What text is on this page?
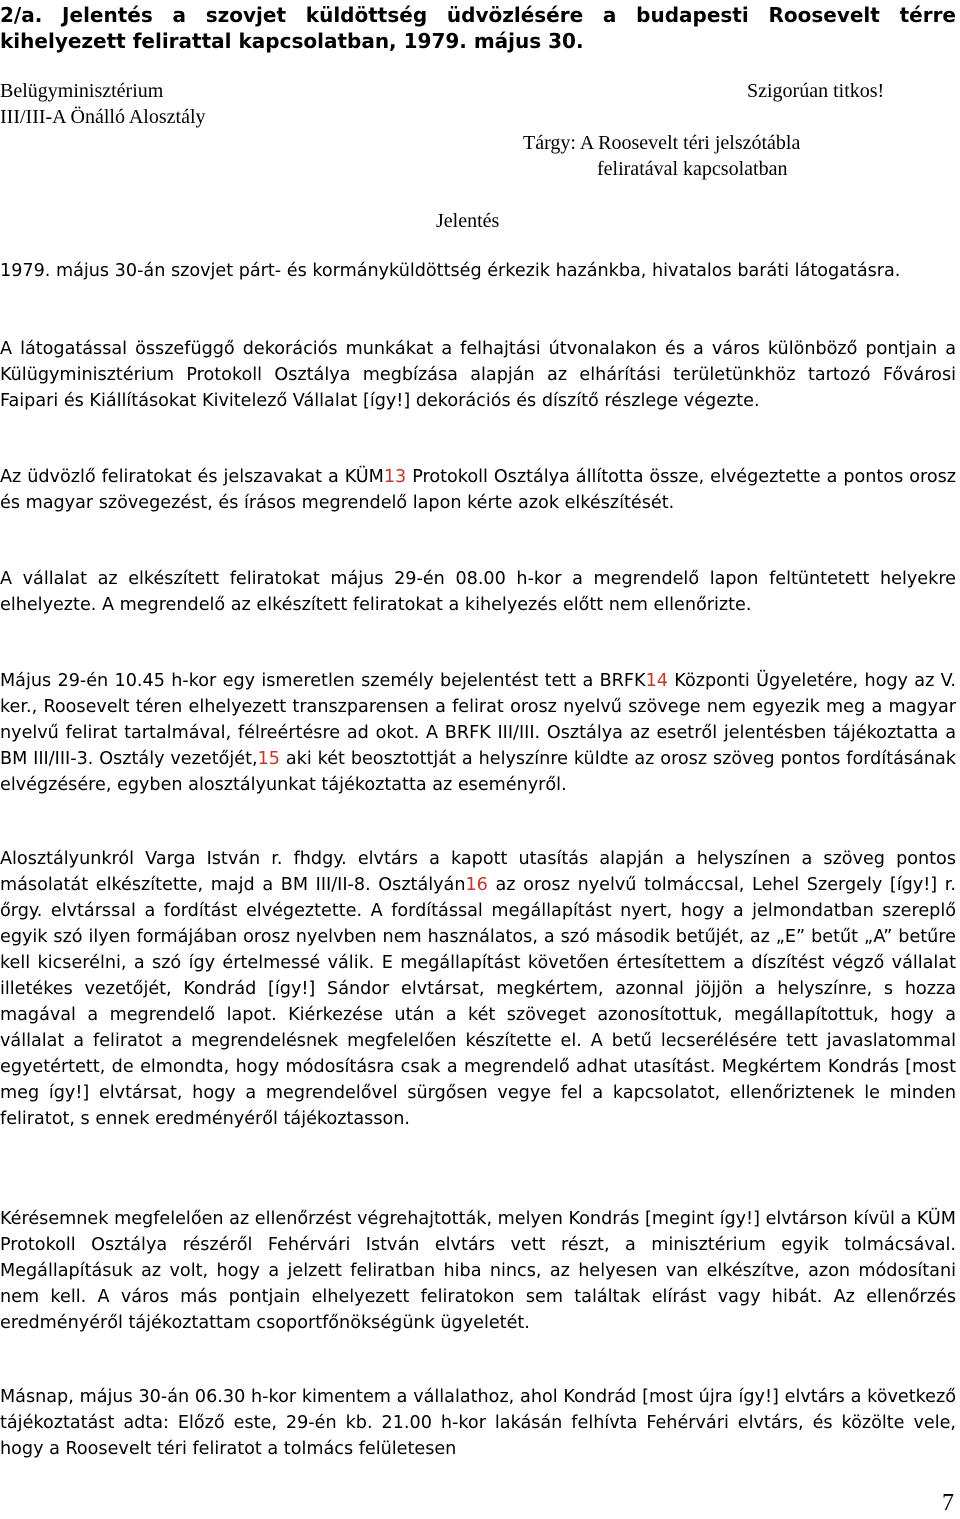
2/a. Jelentés a szovjet küldöttség üdvözlésére a budapesti Roosevelt térre kihelyezett felirattal kapcsolatban, 1979. május 30.

Belügyminisztérium

III/III-A Önálló Alosztály

Szigorúan titkos!

Tárgy: A Roosevelt téri jelszótábla

feliratával kapcsolatban

Jelentés

1979. május 30-án szovjet párt- és kormányküldöttség érkezik hazánkba, hivatalos baráti látogatásra.

A látogatással összefüggő dekorációs munkákat a felhajtási útvonalakon és a város különböző pontjain a Külügyminisztérium Protokoll Osztálya megbízása alapján az elhárítási területünkhöz tartozó Fővárosi Faipari és Kiállításokat Kivitelező Vállalat [így!] dekorációs és díszítő részlege végezte.

Az üdvözlő feliratokat és jelszavakat a KÜM13 Protokoll Osztálya állította össze, elvégeztette a pontos orosz és magyar szövegezést, és írásos megrendelő lapon kérte azok elkészítését.

A vállalat az elkészített feliratokat május 29-én 08.00 h-kor a megrendelő lapon feltüntetett helyekre elhelyezte. A megrendelő az elkészített feliratokat a kihelyezés előtt nem ellenőrizte.

Május 29-én 10.45 h-kor egy ismeretlen személy bejelentést tett a BRFK14 Központi Ügyeletére, hogy az V. ker., Roosevelt téren elhelyezett transzparensen a felirat orosz nyelvű szövege nem egyezik meg a magyar nyelvű felirat tartalmával, félreértésre ad okot. A BRFK III/III. Osztálya az esetről jelentésben tájékoztatta a BM III/III-3. Osztály vezetőjét,15 aki két beosztottját a helyszínre küldte az orosz szöveg pontos fordításának elvégzésére, egyben alosztályunkat tájékoztatta az eseményről.

Alosztályunkról Varga István r. fhdgy. elvtárs a kapott utasítás alapján a helyszínen a szöveg pontos másolatát elkészítette, majd a BM III/II-8. Osztályán16 az orosz nyelvű tolmáccsal, Lehel Szergely [így!] r. őrgy. elvtárssal a fordítást elvégeztette. A fordítással megállapítást nyert, hogy a jelmondatban szereplő egyik szó ilyen formájában orosz nyelvben nem használatos, a szó második betűjét, az „E” betűt „A” betűre kell kicserélni, a szó így értelmessé válik. E megállapítást követően értesítettem a díszítést végző vállalat illetékes vezetőjét, Kondrád [így!] Sándor elvtársat, megkértem, azonnal jöjjön a helyszínre, s hozza magával a megrendelő lapot. Kiérkezése után a két szöveget azonosítottuk, megállapítottuk, hogy a vállalat a feliratot a megrendelésnek megfelelően készítette el. A betű lecserélésére tett javaslatommal egyetértett, de elmondta, hogy módosításra csak a megrendelő adhat utasítást. Megkértem Kondrás [most meg így!] elvtársat, hogy a megrendelővel sürgősen vegye fel a kapcsolatot, ellenőriztenek le minden feliratot, s ennek eredményéről tájékoztasson.

Kérésemnek megfelelően az ellenőrzést végrehajtották, melyen Kondrás [megint így!] elvtárson kívül a KÜM Protokoll Osztálya részéről Fehérvári István elvtárs vett részt, a minisztérium egyik tolmácsával. Megállapításuk az volt, hogy a jelzett feliratban hiba nincs, az helyesen van elkészítve, azon módosítani nem kell. A város más pontjain elhelyezett feliratokon sem találtak elírást vagy hibát. Az ellenőrzés eredményéről tájékoztattam csoportfőnökségünk ügyeletét.

Másnap, május 30-án 06.30 h-kor kimentem a vállalathoz, ahol Kondrád [most újra így!] elvtárs a következő tájékoztatást adta: Előző este, 29-én kb. 21.00 h-kor lakásán felhívta Fehérvári elvtárs, és közölte vele, hogy a Roosevelt téri feliratot a tolmács felületesen

7
